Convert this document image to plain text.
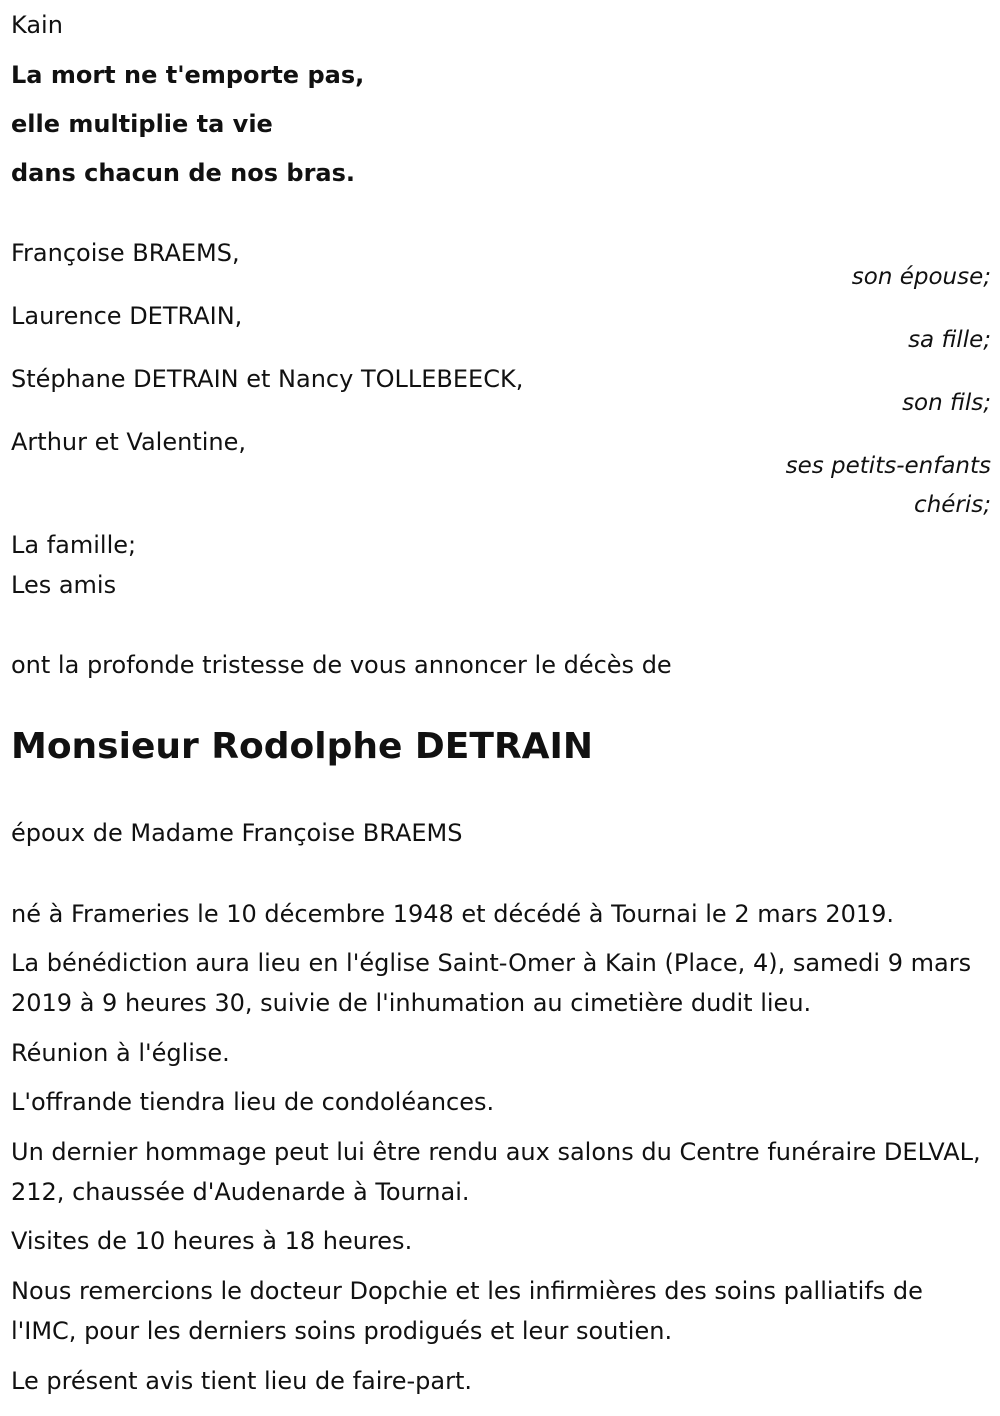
Kain
La mort ne t'emporte pas,
elle multiplie ta vie
dans chacun de nos bras.
Françoise BRAEMS,
son épouse;
Laurence DETRAIN,
sa fille;
Stéphane DETRAIN et Nancy TOLLEBEECK,
son fils;
Arthur et Valentine,
ses petits-enfants
chéris;
La famille;
Les amis
ont la profonde tristesse de vous annoncer le décès de
Monsieur Rodolphe DETRAIN
époux de Madame Françoise BRAEMS
né à Frameries le 10 décembre 1948 et décédé à Tournai le 2 mars 2019.
La bénédiction aura lieu en l'église Saint-Omer à Kain (Place, 4), samedi 9 mars 2019 à 9 heures 30, suivie de l'inhumation au cimetière dudit lieu.
Réunion à l'église.
L'offrande tiendra lieu de condoléances.
Un dernier hommage peut lui être rendu aux salons du Centre funéraire DELVAL, 212, chaussée d'Audenarde à Tournai.
Visites de 10 heures à 18 heures.
Nous remercions le docteur Dopchie et les infirmières des soins palliatifs de l'IMC, pour les derniers soins prodigués et leur soutien.
Le présent avis tient lieu de faire-part.
